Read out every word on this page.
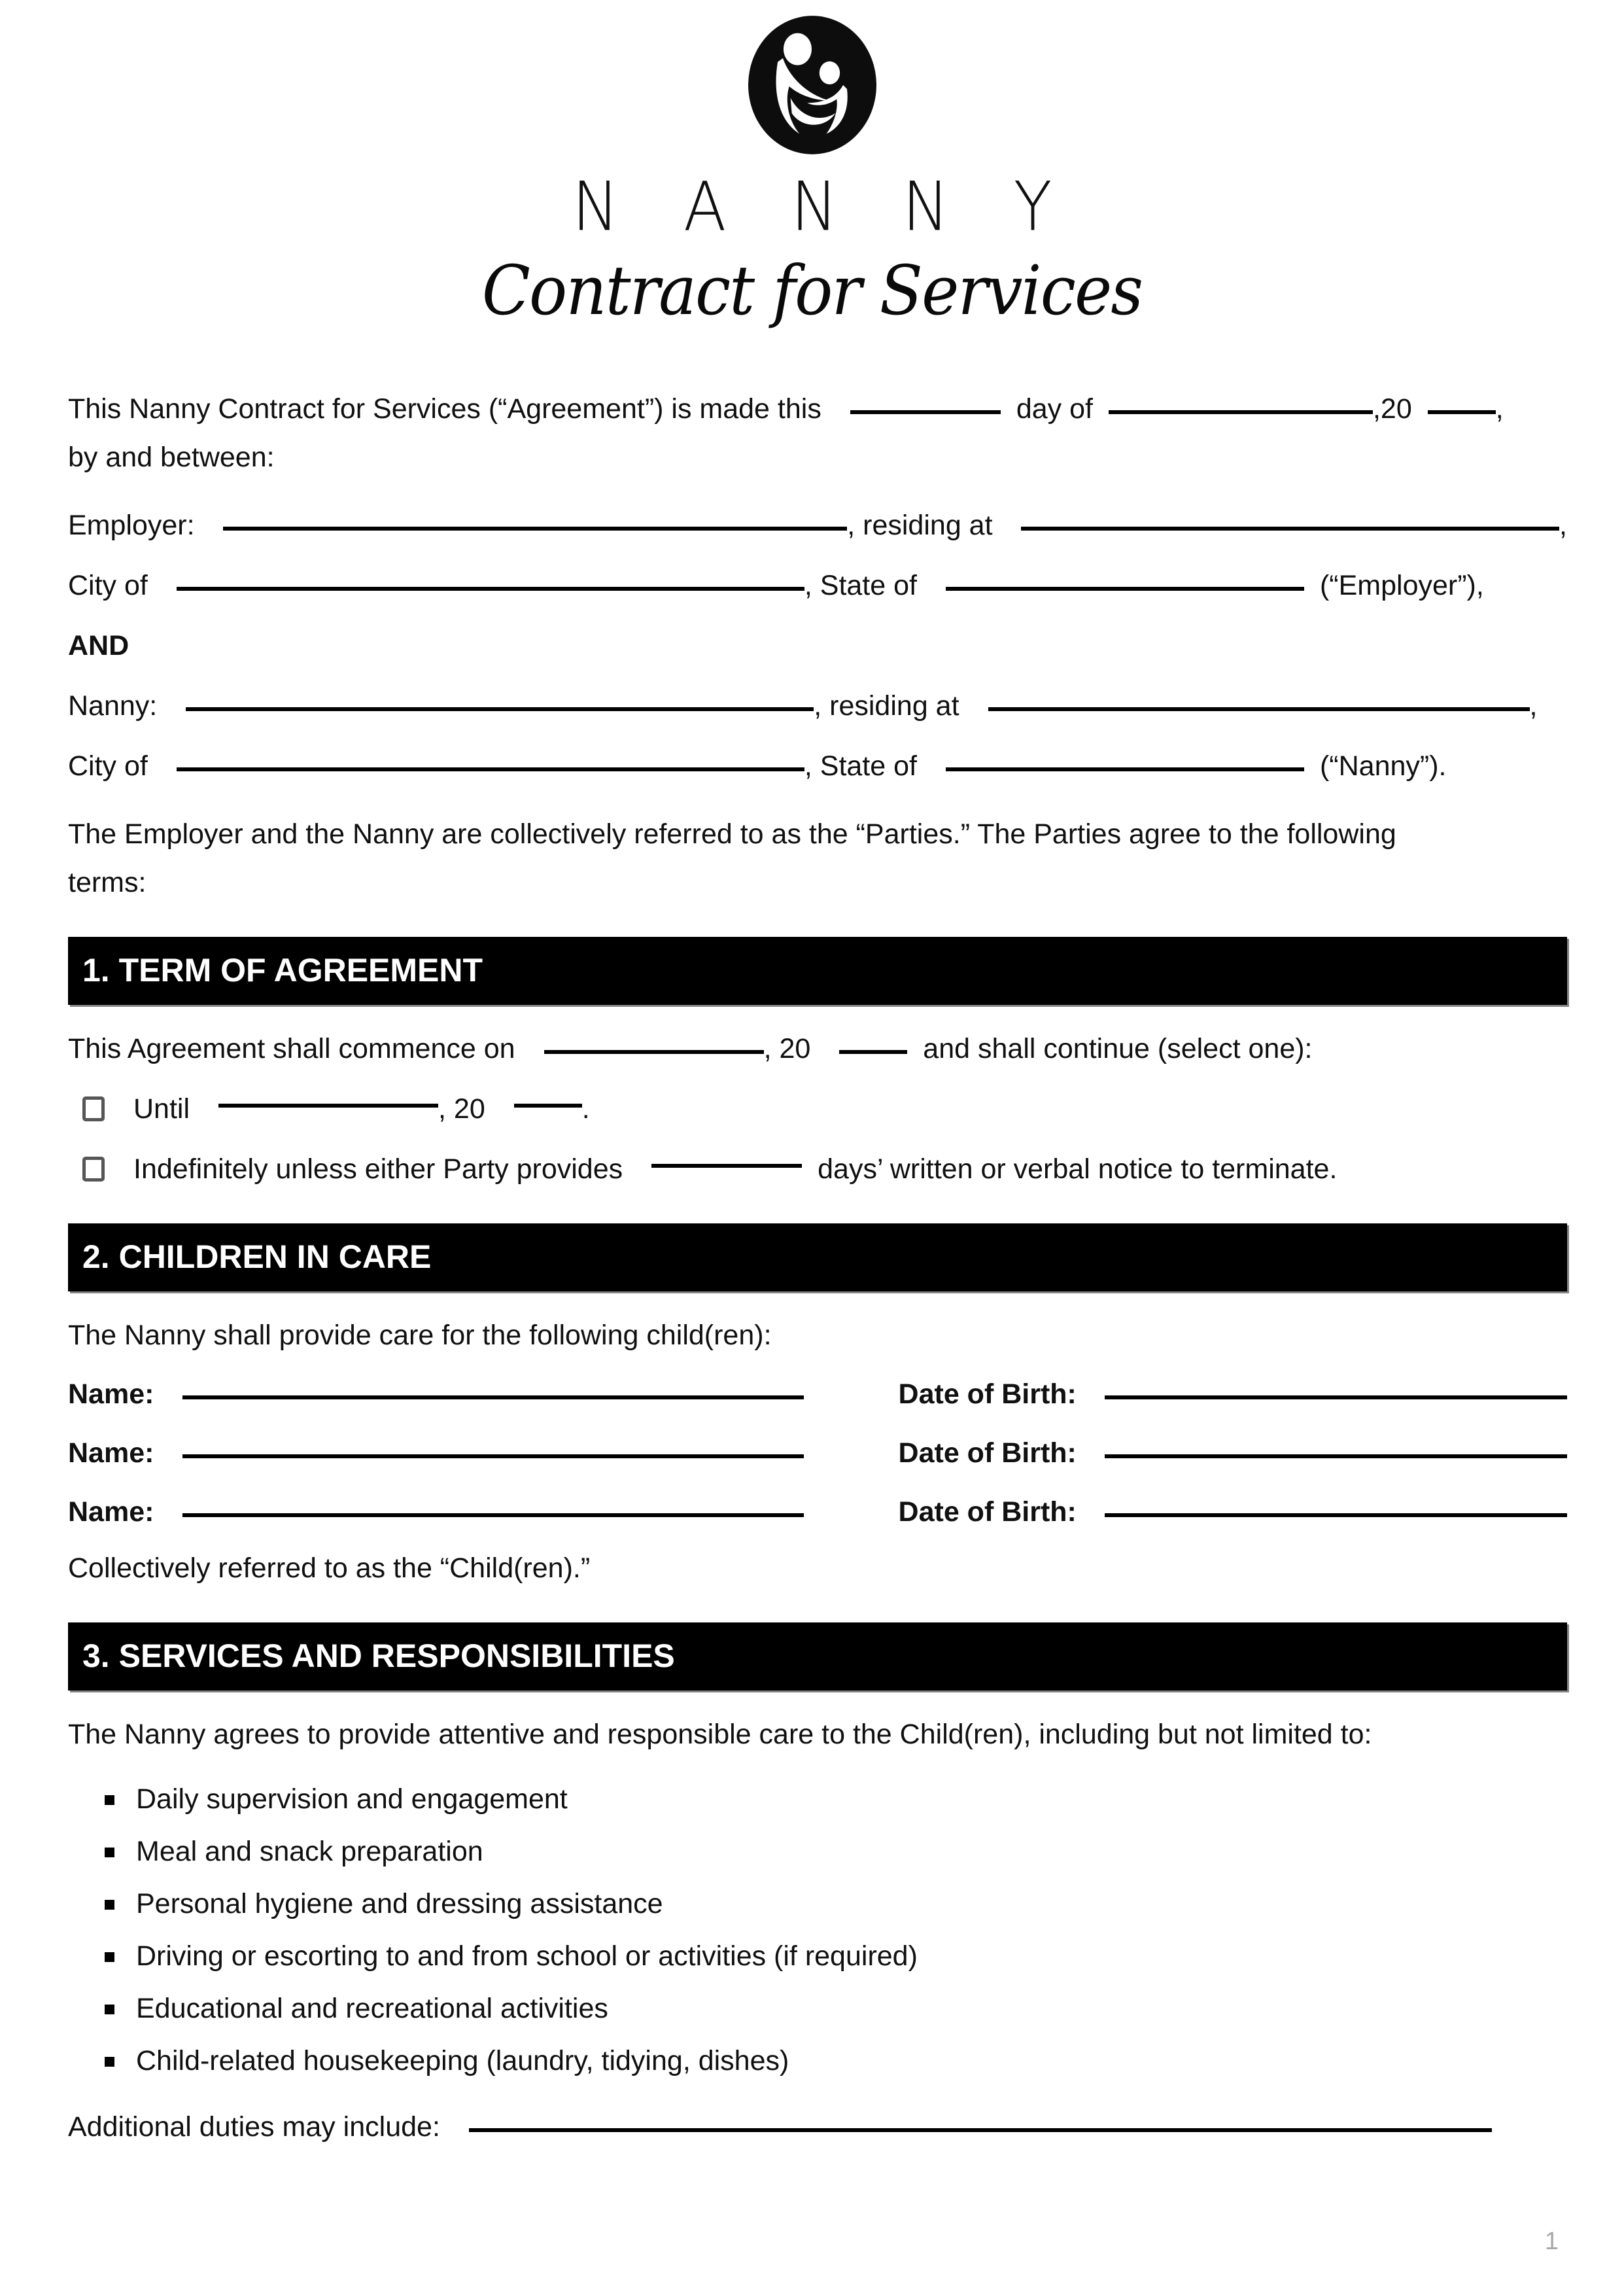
N A N N Y
Contract for Services
This Nanny Contract for Services (“Agreement”) is made this	day of	,20	,
by and between:
Employer:	, residing at	,
City of	, State of	(“Employer”),
AND
Nanny:	, residing at	,
City of	, State of	(“Nanny”).
The Employer and the Nanny are collectively referred to as the “Parties.” The Parties agree to the following terms:
1. TERM OF AGREEMENT
This Agreement shall commence on	, 20	and shall continue (select one):
Until	, 20	.
Indefinitely unless either Party provides	days’ written or verbal notice to terminate.
2. CHILDREN IN CARE
The Nanny shall provide care for the following child(ren):
Name:	Date of Birth:
Name:	Date of Birth:
Name:	Date of Birth:
Collectively referred to as the “Child(ren).”
3. SERVICES AND RESPONSIBILITIES
The Nanny agrees to provide attentive and responsible care to the Child(ren), including but not limited to:
Daily supervision and engagement
Meal and snack preparation
Personal hygiene and dressing assistance
Driving or escorting to and from school or activities (if required)
Educational and recreational activities
Child-related housekeeping (laundry, tidying, dishes)
Additional duties may include:
1
